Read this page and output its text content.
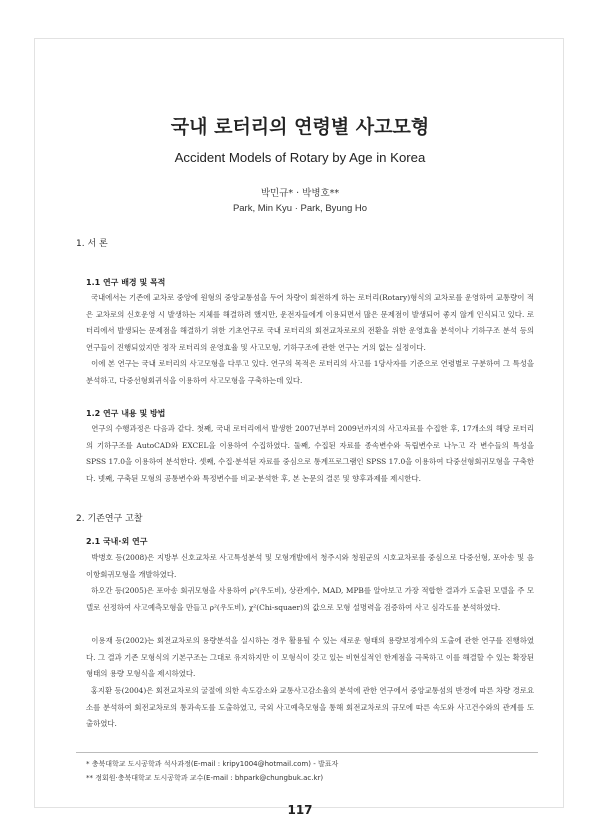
국내 로터리의 연령별 사고모형
Accident Models of Rotary by Age in Korea
박민규* · 박병호**
Park, Min Kyu · Park, Byung Ho
1. 서 론
1.1 연구 배경 및 목적

국내에서는 기존에 교차로 중앙에 원형의 중앙교통섬을 두어 차량이 회전하게 하는 로터리(Rotary)형식의 교차로를 운영하여 교통량이 적은 교차로의 신호운영 시 발생하는 지체를 해결하려 했지만, 운전자들에게 이용되면서 많은 문제점이 발생되어 좋지 않게 인식되고 있다. 로터리에서 발생되는 문제점을 해결하기 위한 기초연구로 국내 로터리의 회전교차로로의 전환을 위한 운영효율 분석이나 기하구조 분석 등의 연구들이 진행되었지만 정작 로터리의 운영효율 및 사고모형, 기하구조에 관한 연구는 거의 없는 실정이다.

이에 본 연구는 국내 로터리의 사고모형을 다루고 있다. 연구의 목적은 로터리의 사고를 1당사자를 기준으로 연령별로 구분하여 그 특성을 분석하고, 다중선형회귀식을 이용하여 사고모형을 구축하는데 있다.

1.2 연구 내용 및 방법

연구의 수행과정은 다음과 같다. 첫째, 국내 로터리에서 발생한 2007년부터 2009년까지의 사고자료를 수집한 후, 17개소의 해당 로터리의 기하구조를 AutoCAD와 EXCEL을 이용하여 수집하였다. 둘째, 수집된 자료를 종속변수와 독립변수로 나누고 각 변수들의 특성을 SPSS 17.0을 이용하여 분석한다. 셋째, 수집·분석된 자료를 중심으로 통계프로그램인 SPSS 17.0을 이용하여 다중선형회귀모형을 구축한다. 넷째, 구축된 모형의 공통변수와 특정변수를 비교·분석한 후, 본 논문의 결론 및 향후과제를 제시한다.

2. 기존연구 고찰
2.1 국내·외 연구

박병호 등(2008)은 지방부 신호교차로 사고특성분석 및 모형개발에서 청주시와 청원군의 시호교차로를 중심으로 다중선형, 포아송 및 음이항회귀모형을 개발하였다.

하오간 등(2005)은 포아송 회귀모형을 사용하여 ρ²(우도비), 상관계수, MAD, MPB를 알아보고 가장 적합한 결과가 도출된 모델을 주 모델로 선정하여 사고예측모형을 만들고 ρ²(우도비), χ²(Chi-squaer)의 값으로 모형 설명력을 검증하여 사고 심각도를 분석하였다.

이용재 등(2002)는 회전교차로의 용량분석을 실시하는 경우 활용될 수 있는 새로운 형태의 용량보정계수의 도출에 관한 연구를 진행하였다. 그 결과 기존 모형식의 기본구조는 그대로 유지하지만 이 모형식이 갖고 있는 비현실적인 한계점을 극복하고 이를 해결할 수 있는 확장된 형태의 용량 모형식을 제시하였다.

홍지환 등(2004)은 회전교차로의 굴절에 의한 속도감소와 교통사고감소율의 분석에 관한 연구에서 중앙교통섬의 반경에 따른 차량 경로요소를 분석하여 회전교차로의 통과속도를 도출하였고, 국외 사고예측모형을 통해 회전교차로의 규모에 따른 속도와 사고건수와의 관계를 도출하였다.

* 충북대학교 도시공학과 석사과정(E-mail : kripy1004@hotmail.com) - 발표자
** 정회원·충북대학교 도시공학과 교수(E-mail : bhpark@chungbuk.ac.kr)
117
